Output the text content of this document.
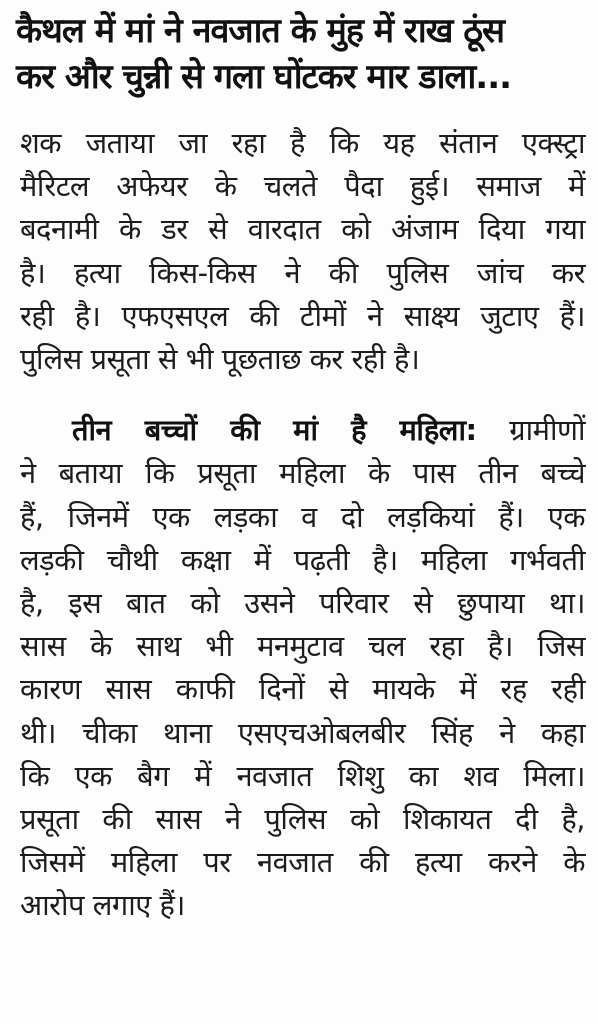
कैथल में मां ने नवजात के मुंह में राख ठूंस
कर और चुन्नी से गला घोंटकर मार डाला...

शक जताया जा रहा है कि यह संतान एक्स्ट्रा
मैरिटल अफेयर के चलते पैदा हुई। समाज में
बदनामी के डर से वारदात को अंजाम दिया गया
है। हत्या किस-किस ने की पुलिस जांच कर
रही है। एफएसएल की टीमों ने साक्ष्य जुटाए हैं।
पुलिस प्रसूता से भी पूछताछ कर रही है।

तीन बच्चों की मां है महिला: ग्रामीणों
ने बताया कि प्रसूता महिला के पास तीन बच्चे
हैं, जिनमें एक लड़का व दो लड़कियां हैं। एक
लड़की चौथी कक्षा में पढ़ती है। महिला गर्भवती
है, इस बात को उसने परिवार से छुपाया था।
सास के साथ भी मनमुटाव चल रहा है। जिस
कारण सास काफी दिनों से मायके में रह रही
थी। चीका थाना एसएचओबलबीर सिंह ने कहा
कि एक बैग में नवजात शिशु का शव मिला।
प्रसूता की सास ने पुलिस को शिकायत दी है,
जिसमें महिला पर नवजात की हत्या करने के
आरोप लगाए हैं।
